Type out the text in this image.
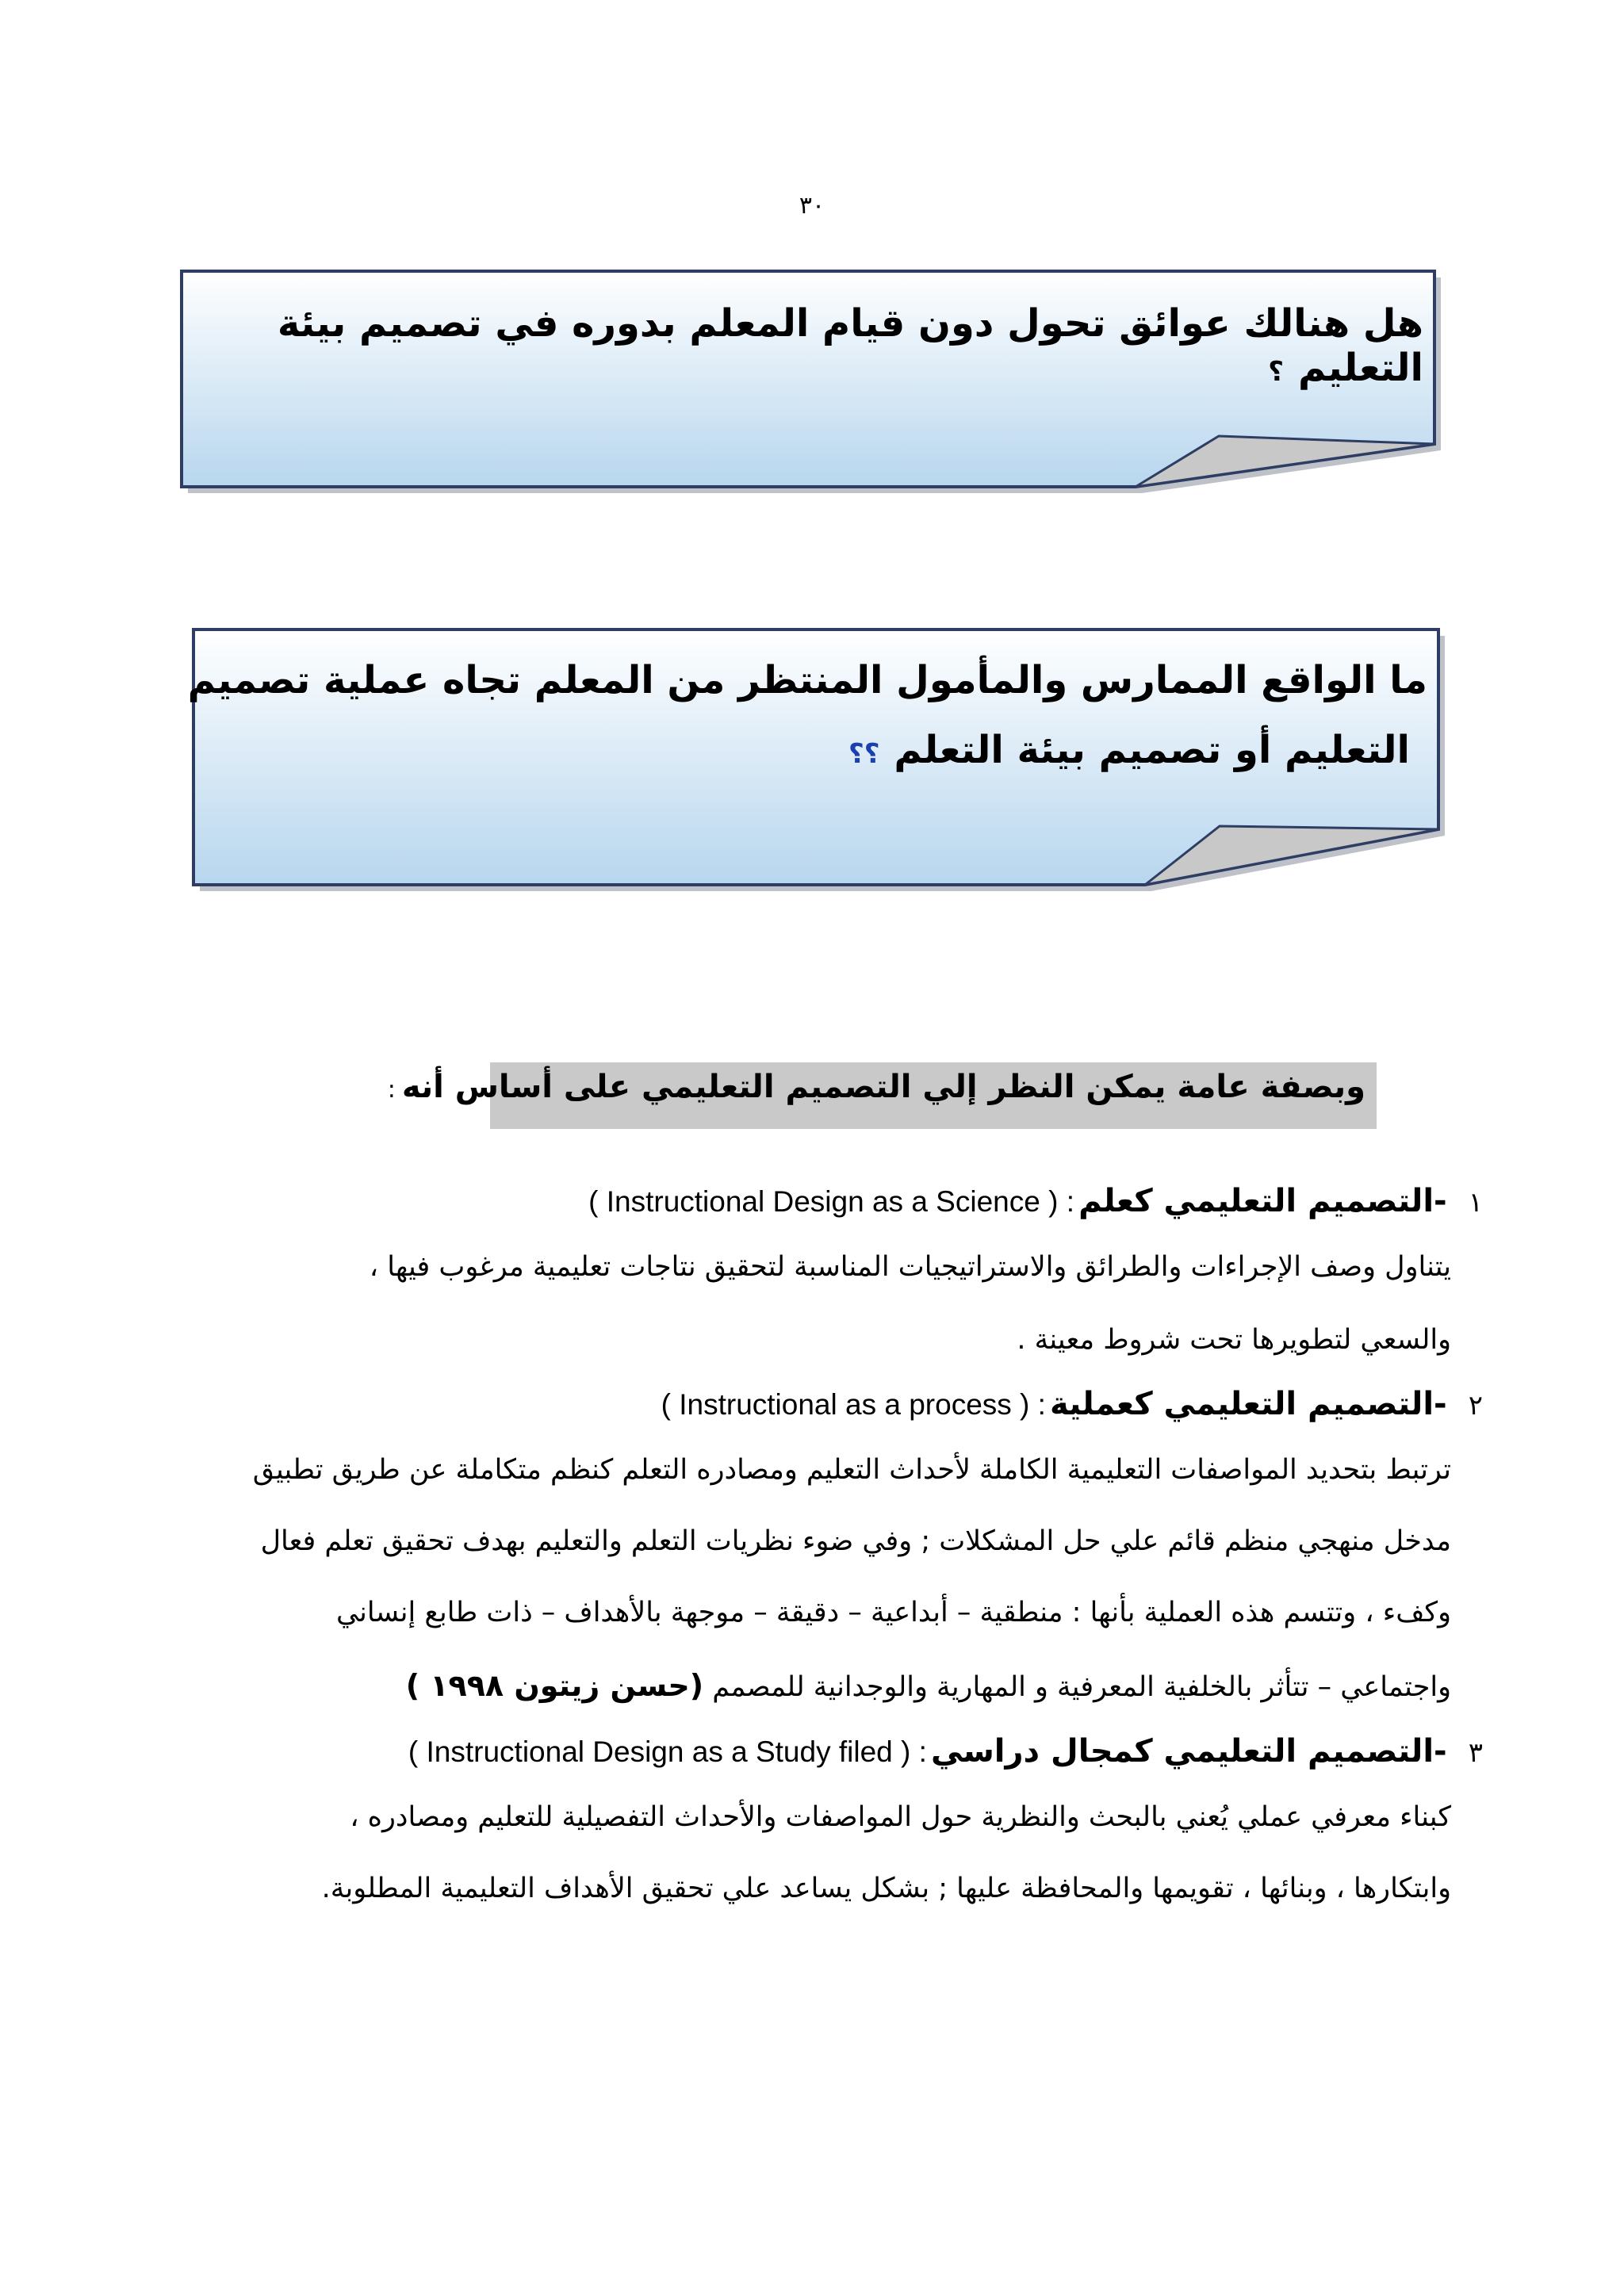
٣٠
هل هنالك عوائق تحول دون قيام المعلم بدوره في تصميم بيئة التعليم؟
ما الواقع الممارس والمأمول المنتظر من المعلم تجاه عملية تصميم
التعليم أو تصميم بيئة التعلم؟؟
وبصفة عامة يمكن النظر إلي التصميم التعليمي على أساس أنه:
١ -التصميم التعليمي كعلم ( Instructional Design as a Science ) :
يتناول وصف الإجراءات والطرائق والاستراتيجيات المناسبة لتحقيق نتاجات تعليمية مرغوب فيها ،
والسعي لتطويرها تحت شروط معينة .
٢ -التصميم التعليمي كعملية ( Instructional as a process ) :
ترتبط بتحديد المواصفات التعليمية الكاملة لأحداث التعليم ومصادره التعلم كنظم متكاملة عن طريق تطبيق
مدخل منهجي منظم قائم علي حل المشكلات ; وفي ضوء نظريات التعلم والتعليم بهدف تحقيق تعلم فعال
وكفء ، وتتسم هذه العملية بأنها : منطقية – أبداعية – دقيقة – موجهة بالأهداف – ذات طابع إنساني
واجتماعي – تتأثر بالخلفية المعرفية و المهارية والوجدانية للمصمم (حسن زيتون ١٩٩٨ )
٣ -التصميم التعليمي كمجال دراسي ( Instructional Design as a Study filed ) :
كبناء معرفي عملي يُعني بالبحث والنظرية حول المواصفات والأحداث التفصيلية للتعليم ومصادره ،
وابتكارها ، وبنائها ، تقويمها والمحافظة عليها ; بشكل يساعد علي تحقيق الأهداف التعليمية المطلوبة.
